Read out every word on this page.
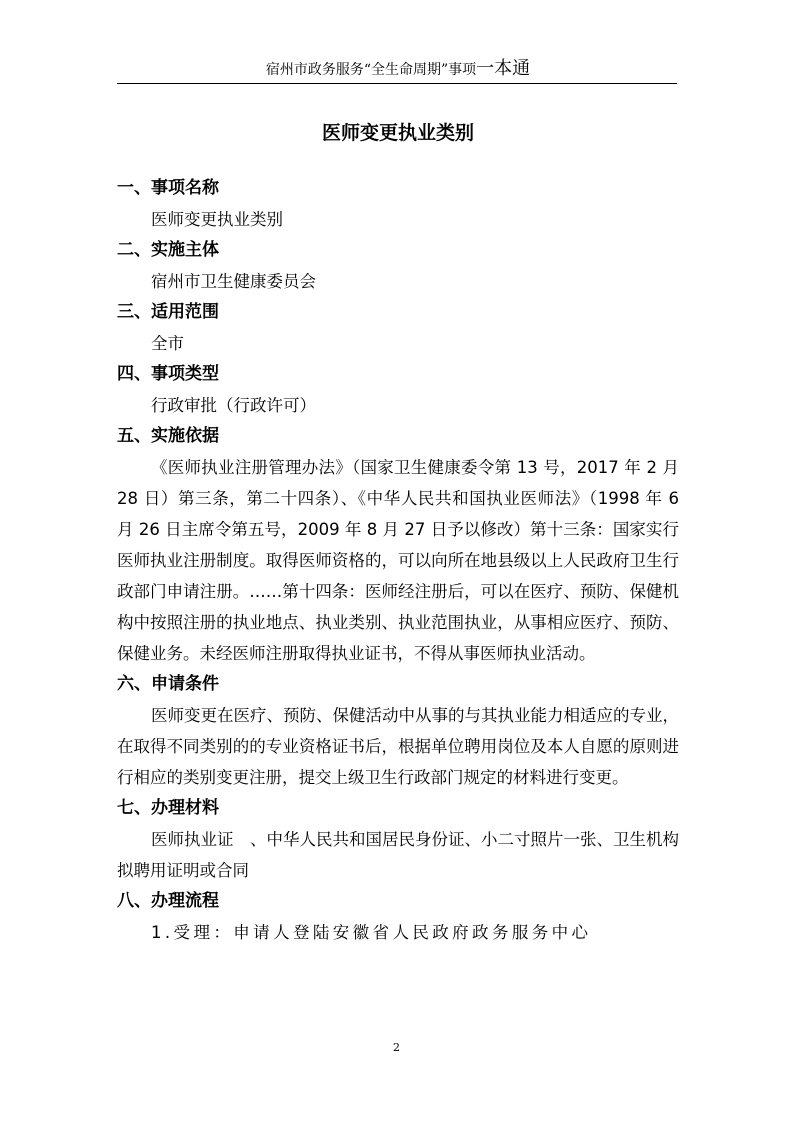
宿州市政务服务“全生命周期”事项一本通
医师变更执业类别
一、事项名称
医师变更执业类别
二、实施主体
宿州市卫生健康委员会
三、适用范围
全市
四、事项类型
行政审批（行政许可）
五、实施依据

《医师执业注册管理办法》（国家卫生健康委令第 13 号，2017 年 2 月 28 日）第三条，第二十四条）、《中华人民共和国执业医师法》（1998 年 6 月 26 日主席令第五号，2009 年 8 月 27 日予以修改）第十三条：国家实行医师执业注册制度。取得医师资格的，可以向所在地县级以上人民政府卫生行政部门申请注册。……第十四条：医师经注册后，可以在医疗、预防、保健机构中按照注册的执业地点、执业类别、执业范围执业，从事相应医疗、预防、保健业务。未经医师注册取得执业证书，不得从事医师执业活动。

六、申请条件

医师变更在医疗、预防、保健活动中从事的与其执业能力相适应的专业，在取得不同类别的的专业资格证书后，根据单位聘用岗位及本人自愿的原则进行相应的类别变更注册，提交上级卫生行政部门规定的材料进行变更。

七、办理材料

医师执业证　、中华人民共和国居民身份证、小二寸照片一张、卫生机构拟聘用证明或合同

八、办理流程
1.受理：申请人登陆安徽省人民政府政务服务中心
2
